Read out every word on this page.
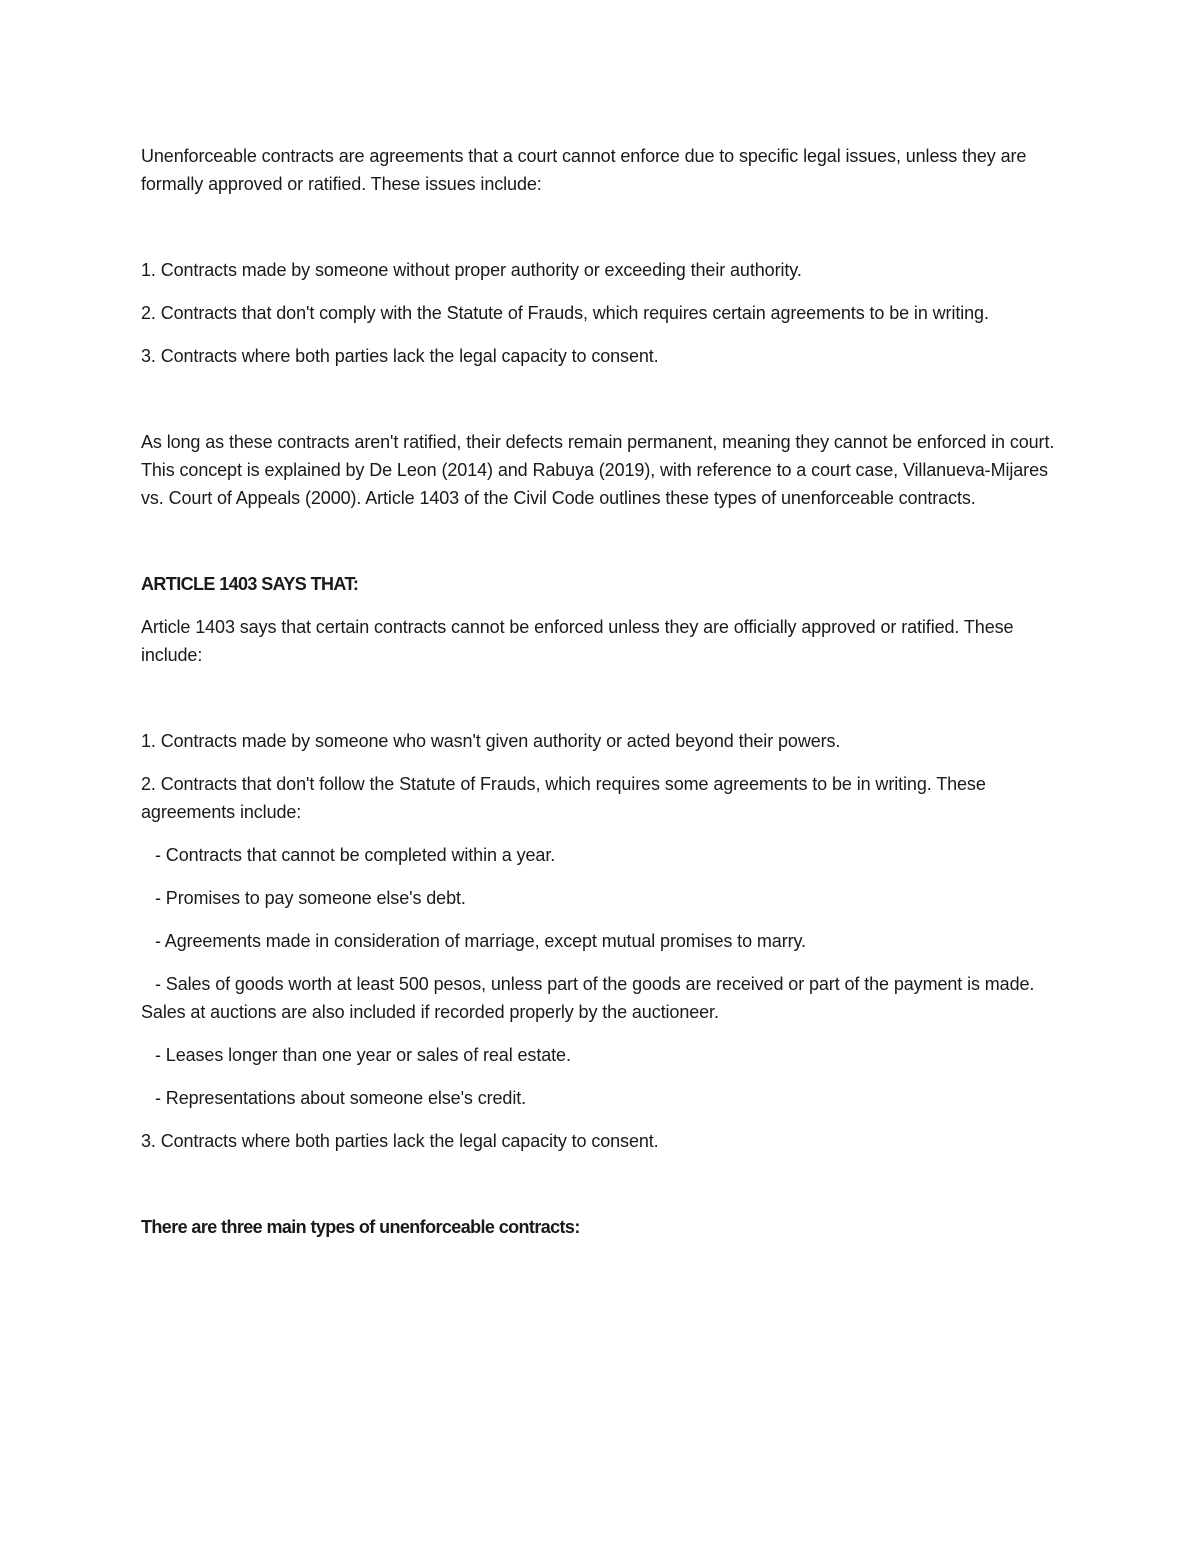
Unenforceable contracts are agreements that a court cannot enforce due to specific legal issues, unless they are formally approved or ratified. These issues include:

1. Contracts made by someone without proper authority or exceeding their authority.

2. Contracts that don't comply with the Statute of Frauds, which requires certain agreements to be in writing.

3. Contracts where both parties lack the legal capacity to consent.

As long as these contracts aren't ratified, their defects remain permanent, meaning they cannot be enforced in court. This concept is explained by De Leon (2014) and Rabuya (2019), with reference to a court case, Villanueva-Mijares vs. Court of Appeals (2000). Article 1403 of the Civil Code outlines these types of unenforceable contracts.

ARTICLE 1403 SAYS THAT:

Article 1403 says that certain contracts cannot be enforced unless they are officially approved or ratified. These include:

1. Contracts made by someone who wasn't given authority or acted beyond their powers.

2. Contracts that don't follow the Statute of Frauds, which requires some agreements to be in writing. These agreements include:

- Contracts that cannot be completed within a year.

- Promises to pay someone else's debt.

- Agreements made in consideration of marriage, except mutual promises to marry.

- Sales of goods worth at least 500 pesos, unless part of the goods are received or part of the payment is made. Sales at auctions are also included if recorded properly by the auctioneer.

- Leases longer than one year or sales of real estate.

- Representations about someone else's credit.

3. Contracts where both parties lack the legal capacity to consent.

There are three main types of unenforceable contracts:
